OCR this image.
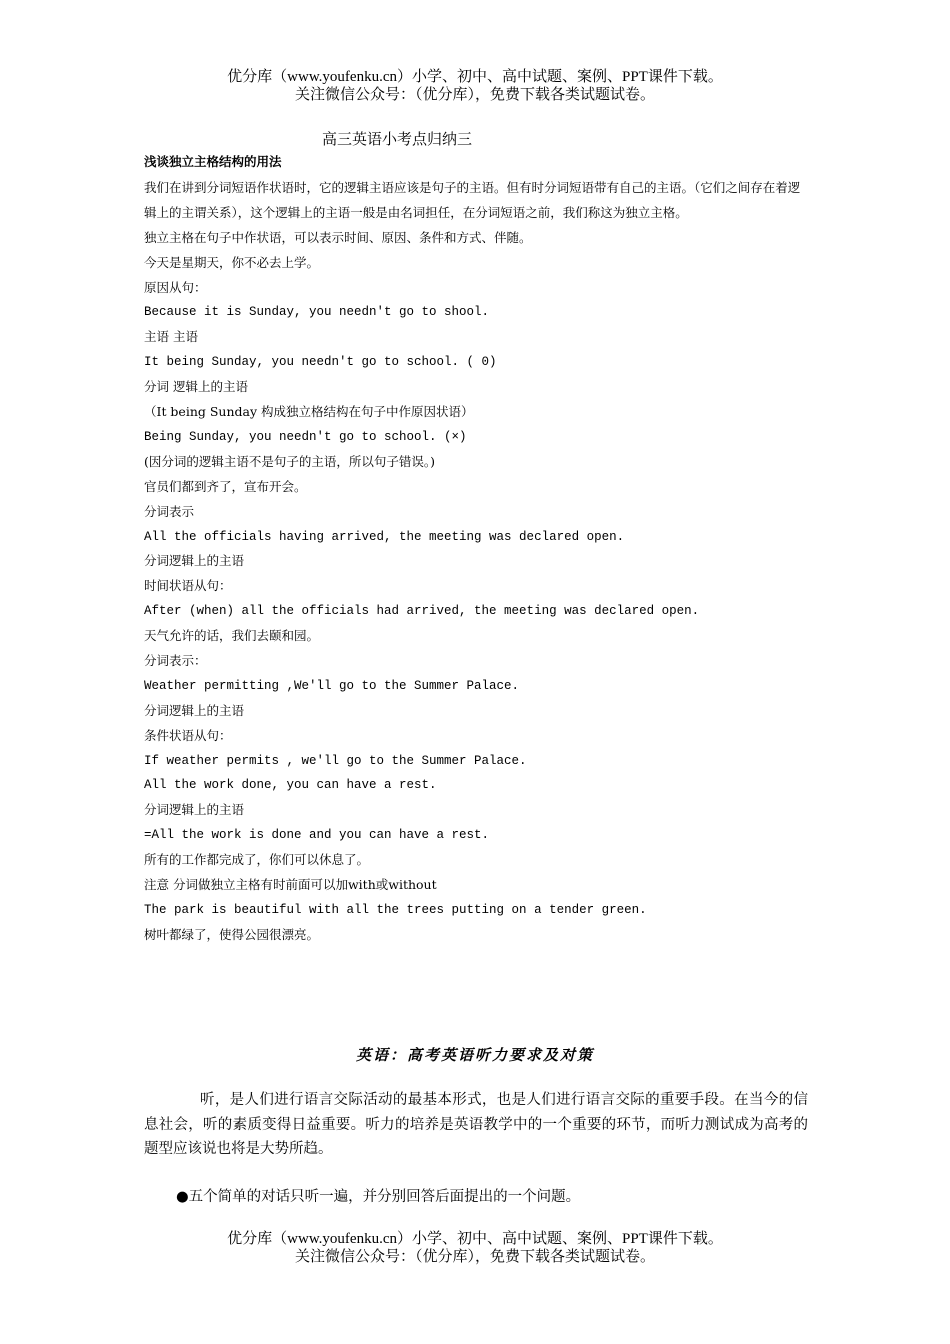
优分库（www.youfenku.cn）小学、初中、高中试题、案例、PPT课件下载。
关注微信公众号：（优分库），免费下载各类试题试卷。
高三英语小考点归纳三
浅谈独立主格结构的用法
我们在讲到分词短语作状语时，它的逻辑主语应该是句子的主语。但有时分词短语带有自己的主语。（它们之间存在着逻辑上的主谓关系），这个逻辑上的主语一般是由名词担任，在分词短语之前，我们称这为独立主格。
独立主格在句子中作状语，可以表示时间、原因、条件和方式、伴随。
今天是星期天，你不必去上学。
原因从句：
Because it is Sunday, you needn't go to shool.
主语 主语
It being Sunday, you needn't go to school. ( 0)
分词 逻辑上的主语
（It being Sunday 构成独立格结构在句子中作原因状语）
Being Sunday, you needn't go to school. (×)
(因分词的逻辑主语不是句子的主语，所以句子错误。)
官员们都到齐了，宣布开会。
分词表示
All the officials having arrived, the meeting was declared open.
分词逻辑上的主语
时间状语从句：
After (when) all the officials had arrived, the meeting was declared open.
天气允许的话，我们去颐和园。
分词表示：
Weather permitting ,We'll go to the Summer Palace.
分词逻辑上的主语
条件状语从句：
If weather permits , we'll go to the Summer Palace.
All the work done, you can have a rest.
分词逻辑上的主语
=All the work is done and you can have a rest.
所有的工作都完成了，你们可以休息了。
注意 分词做独立主格有时前面可以加with或without
The park is beautiful with all the trees putting on a tender green.
树叶都绿了，使得公园很漂亮。
英语：高考英语听力要求及对策
听，是人们进行语言交际活动的最基本形式，也是人们进行语言交际的重要手段。在当今的信息社会，听的素质变得日益重要。听力的培养是英语教学中的一个重要的环节，而听力测试成为高考的题型应该说也将是大势所趋。
●五个简单的对话只听一遍，并分别回答后面提出的一个问题。
优分库（www.youfenku.cn）小学、初中、高中试题、案例、PPT课件下载。
关注微信公众号：（优分库），免费下载各类试题试卷。
